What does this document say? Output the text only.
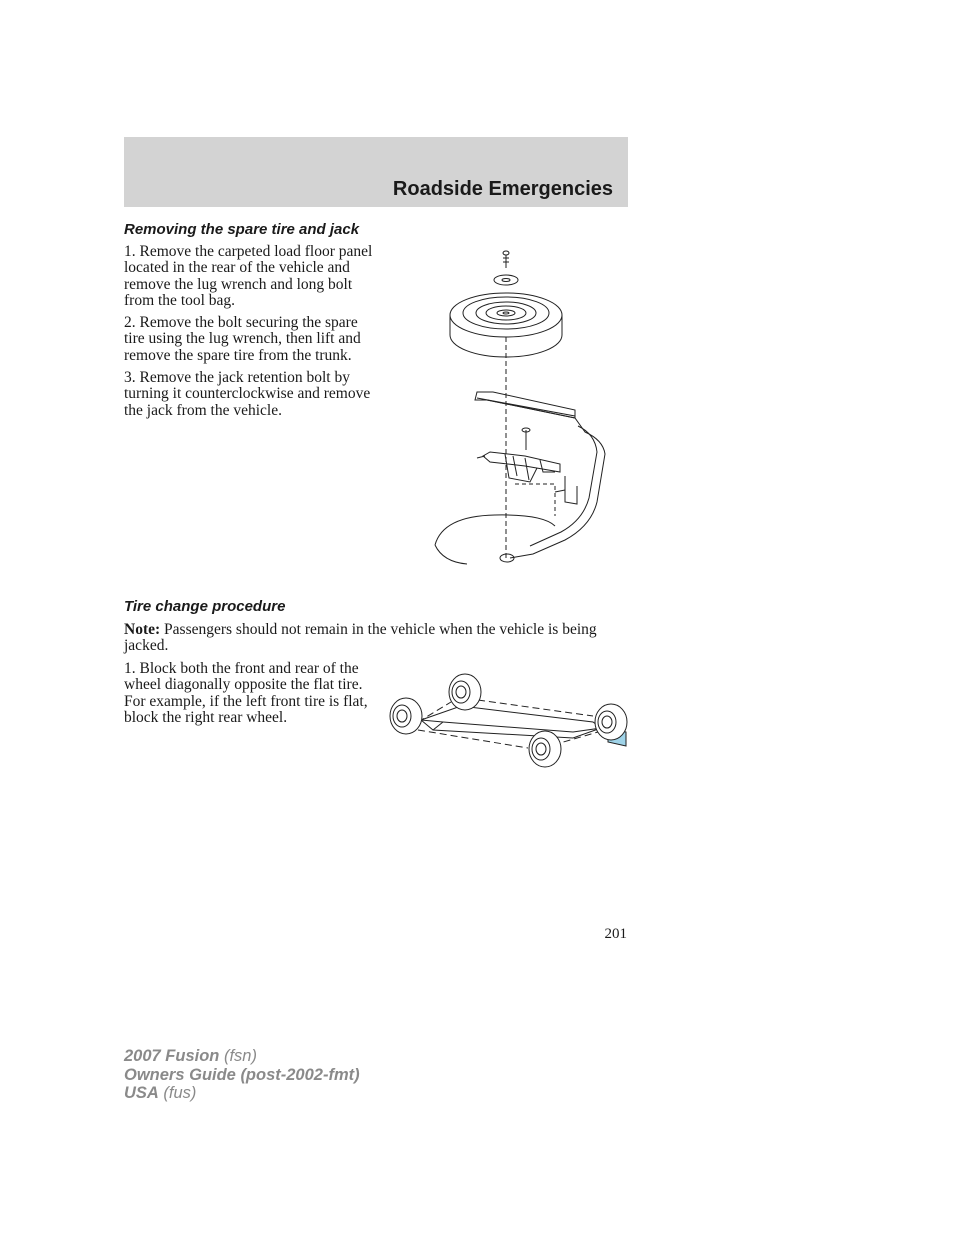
Roadside Emergencies
Removing the spare tire and jack

1. Remove the carpeted load floor panel located in the rear of the vehicle and remove the lug wrench and long bolt from the tool bag.

2. Remove the bolt securing the spare tire using the lug wrench, then lift and remove the spare tire from the trunk.

3. Remove the jack retention bolt by turning it counterclockwise and remove the jack from the vehicle.

Tire change procedure

Note: Passengers should not remain in the vehicle when the vehicle is being jacked.

1. Block both the front and rear of the wheel diagonally opposite the flat tire. For example, if the left front tire is flat, block the right rear wheel.

201
2007 Fusion (fsn)
Owners Guide (post-2002-fmt)
USA (fus)
